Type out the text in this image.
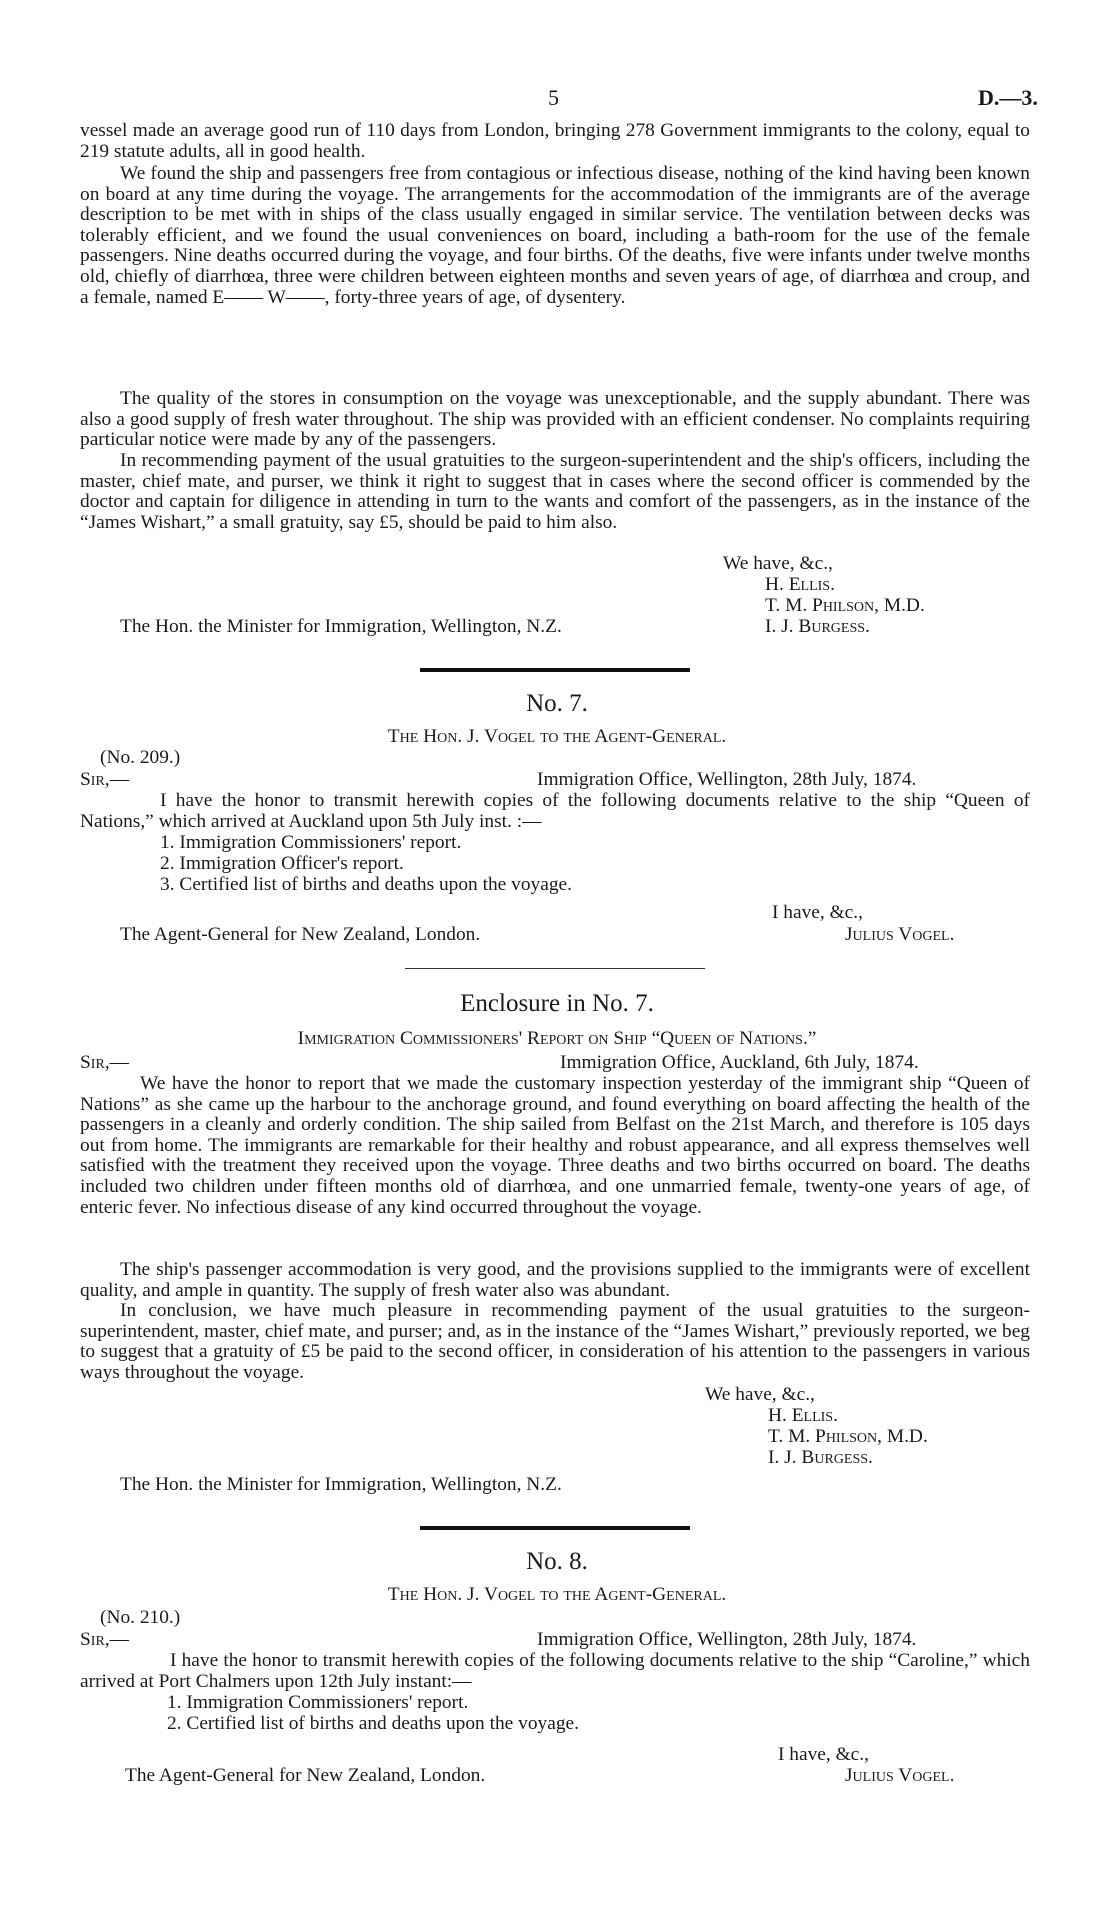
5	D.—3.

vessel made an average good run of 110 days from London, bringing 278 Government immigrants to the colony, equal to 219 statute adults, all in good health.

We found the ship and passengers free from contagious or infectious disease, nothing of the kind having been known on board at any time during the voyage. The arrangements for the accommodation of the immigrants are of the average description to be met with in ships of the class usually engaged in similar service. The ventilation between decks was tolerably efficient, and we found the usual conveniences on board, including a bath-room for the use of the female passengers. Nine deaths occurred during the voyage, and four births. Of the deaths, five were infants under twelve months old, chiefly of diarrhœa, three were children between eighteen months and seven years of age, of diarrhœa and croup, and a female, named E—— W——, forty-three years of age, of dysentery.

The quality of the stores in consumption on the voyage was unexceptionable, and the supply abundant. There was also a good supply of fresh water throughout. The ship was provided with an efficient condenser. No complaints requiring particular notice were made by any of the passengers.

In recommending payment of the usual gratuities to the surgeon-superintendent and the ship's officers, including the master, chief mate, and purser, we think it right to suggest that in cases where the second officer is commended by the doctor and captain for diligence in attending in turn to the wants and comfort of the passengers, as in the instance of the “James Wishart,” a small gratuity, say £5, should be paid to him also.

We have, &c.,
H. Ellis.
T. M. Philson, M.D.
I. J. Burgess.
The Hon. the Minister for Immigration, Wellington, N.Z.
No. 7.
The Hon. J. Vogel to the Agent-General.
(No. 209.)
Sir,—	Immigration Office, Wellington, 28th July, 1874.

I have the honor to transmit herewith copies of the following documents relative to the ship “Queen of Nations,” which arrived at Auckland upon 5th July inst. :—

1. Immigration Commissioners' report.
2. Immigration Officer's report.
3. Certified list of births and deaths upon the voyage.
I have, &c.,
The Agent-General for New Zealand, London.	Julius Vogel.
Enclosure in No. 7.
Immigration Commissioners' Report on Ship “Queen of Nations.”
Sir,—	Immigration Office, Auckland, 6th July, 1874.

We have the honor to report that we made the customary inspection yesterday of the immigrant ship “Queen of Nations” as she came up the harbour to the anchorage ground, and found everything on board affecting the health of the passengers in a cleanly and orderly condition. The ship sailed from Belfast on the 21st March, and therefore is 105 days out from home. The immigrants are remarkable for their healthy and robust appearance, and all express themselves well satisfied with the treatment they received upon the voyage. Three deaths and two births occurred on board. The deaths included two children under fifteen months old of diarrhœa, and one unmarried female, twenty-one years of age, of enteric fever. No infectious disease of any kind occurred throughout the voyage.

The ship's passenger accommodation is very good, and the provisions supplied to the immigrants were of excellent quality, and ample in quantity. The supply of fresh water also was abundant.

In conclusion, we have much pleasure in recommending payment of the usual gratuities to the surgeon-superintendent, master, chief mate, and purser; and, as in the instance of the “James Wishart,” previously reported, we beg to suggest that a gratuity of £5 be paid to the second officer, in consideration of his attention to the passengers in various ways throughout the voyage.

We have, &c.,
H. Ellis.
T. M. Philson, M.D.
I. J. Burgess.
The Hon. the Minister for Immigration, Wellington, N.Z.
No. 8.
The Hon. J. Vogel to the Agent-General.
(No. 210.)
Sir,—	Immigration Office, Wellington, 28th July, 1874.

I have the honor to transmit herewith copies of the following documents relative to the ship “Caroline,” which arrived at Port Chalmers upon 12th July instant:—

1. Immigration Commissioners' report.
2. Certified list of births and deaths upon the voyage.
I have, &c.,
The Agent-General for New Zealand, London.	Julius Vogel.
